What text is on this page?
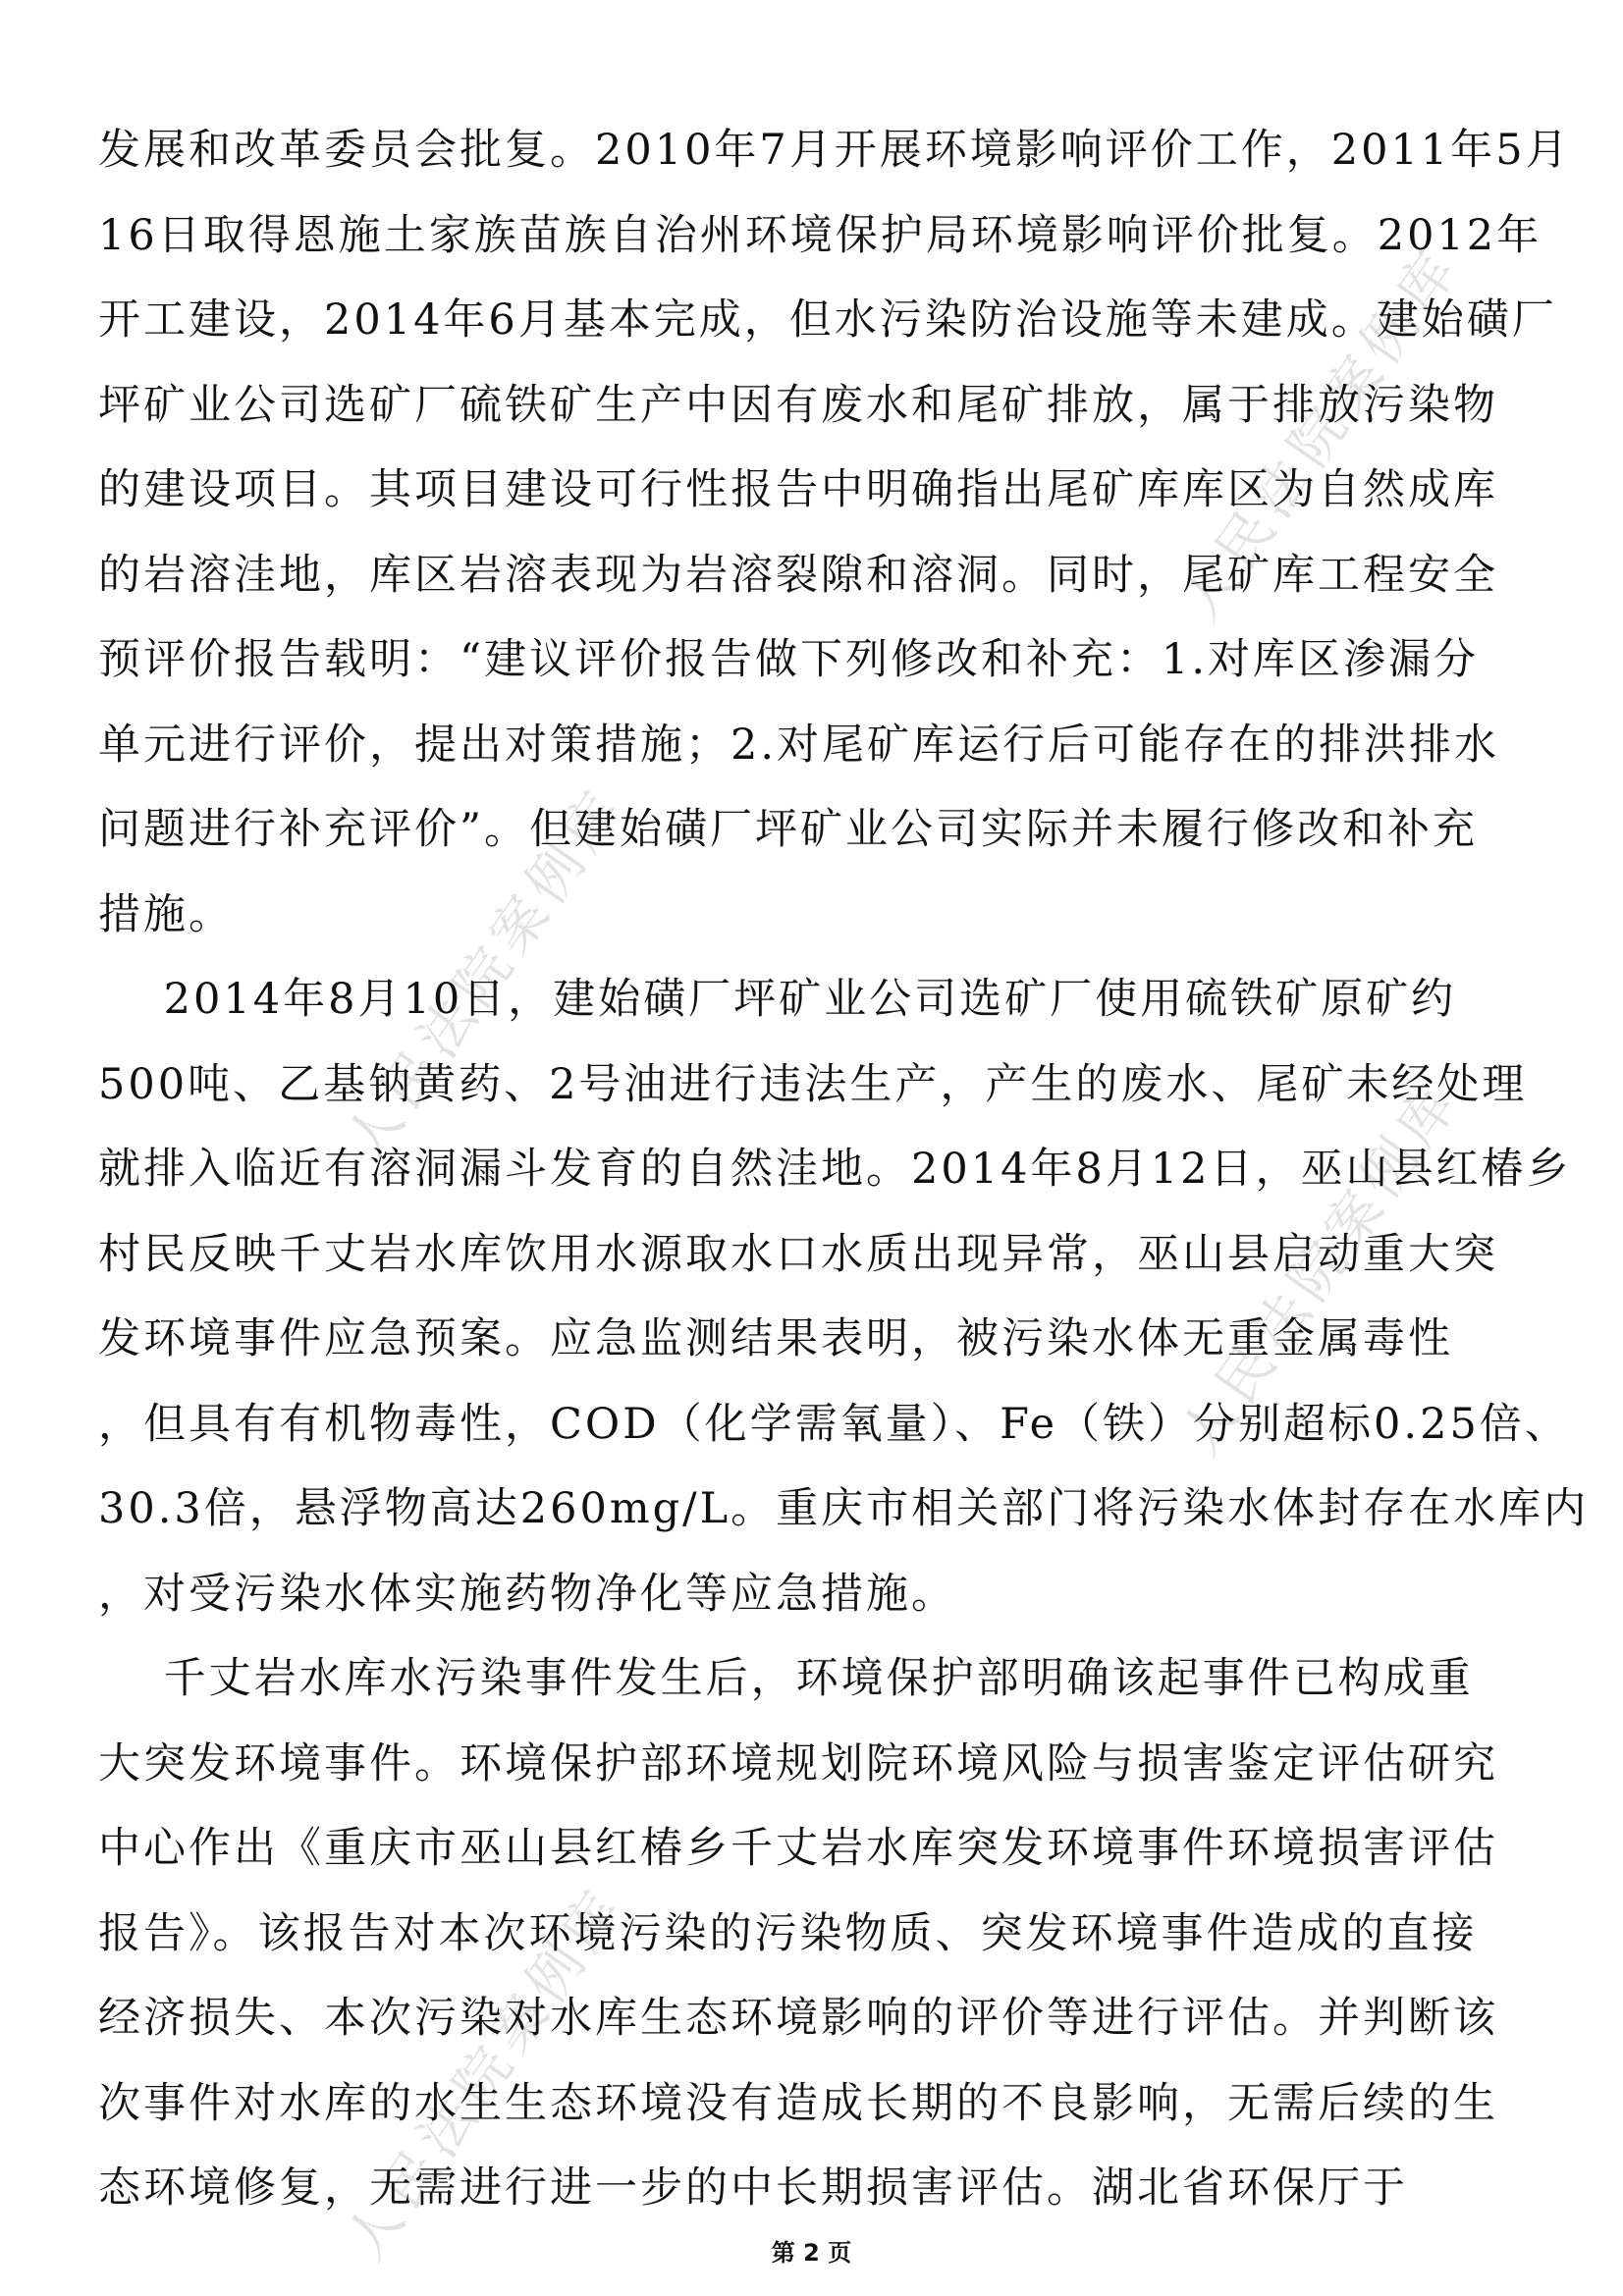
人民法院案例库
人民法院案例库
人民法院案例库
人民法院案例库
发展和改革委员会批复。2010年7月开展环境影响评价工作，2011年5月
16日取得恩施土家族苗族自治州环境保护局环境影响评价批复。2012年
开工建设，2014年6月基本完成，但水污染防治设施等未建成。建始磺厂
坪矿业公司选矿厂硫铁矿生产中因有废水和尾矿排放，属于排放污染物
的建设项目。其项目建设可行性报告中明确指出尾矿库库区为自然成库
的岩溶洼地，库区岩溶表现为岩溶裂隙和溶洞。同时，尾矿库工程安全
预评价报告载明：“建议评价报告做下列修改和补充：1.对库区渗漏分
单元进行评价，提出对策措施；2.对尾矿库运行后可能存在的排洪排水
问题进行补充评价”。但建始磺厂坪矿业公司实际并未履行修改和补充
措施。
2014年8月10日，建始磺厂坪矿业公司选矿厂使用硫铁矿原矿约
500吨、乙基钠黄药、2号油进行违法生产，产生的废水、尾矿未经处理
就排入临近有溶洞漏斗发育的自然洼地。2014年8月12日，巫山县红椿乡
村民反映千丈岩水库饮用水源取水口水质出现异常，巫山县启动重大突
发环境事件应急预案。应急监测结果表明，被污染水体无重金属毒性
，但具有有机物毒性，COD（化学需氧量）、Fe（铁）分别超标0.25倍、
30.3倍，悬浮物高达260mg/L。重庆市相关部门将污染水体封存在水库内
，对受污染水体实施药物净化等应急措施。
千丈岩水库水污染事件发生后，环境保护部明确该起事件已构成重
大突发环境事件。环境保护部环境规划院环境风险与损害鉴定评估研究
中心作出《重庆市巫山县红椿乡千丈岩水库突发环境事件环境损害评估
报告》。该报告对本次环境污染的污染物质、突发环境事件造成的直接
经济损失、本次污染对水库生态环境影响的评价等进行评估。并判断该
次事件对水库的水生生态环境没有造成长期的不良影响，无需后续的生
态环境修复，无需进行进一步的中长期损害评估。湖北省环保厅于
第 2 页
